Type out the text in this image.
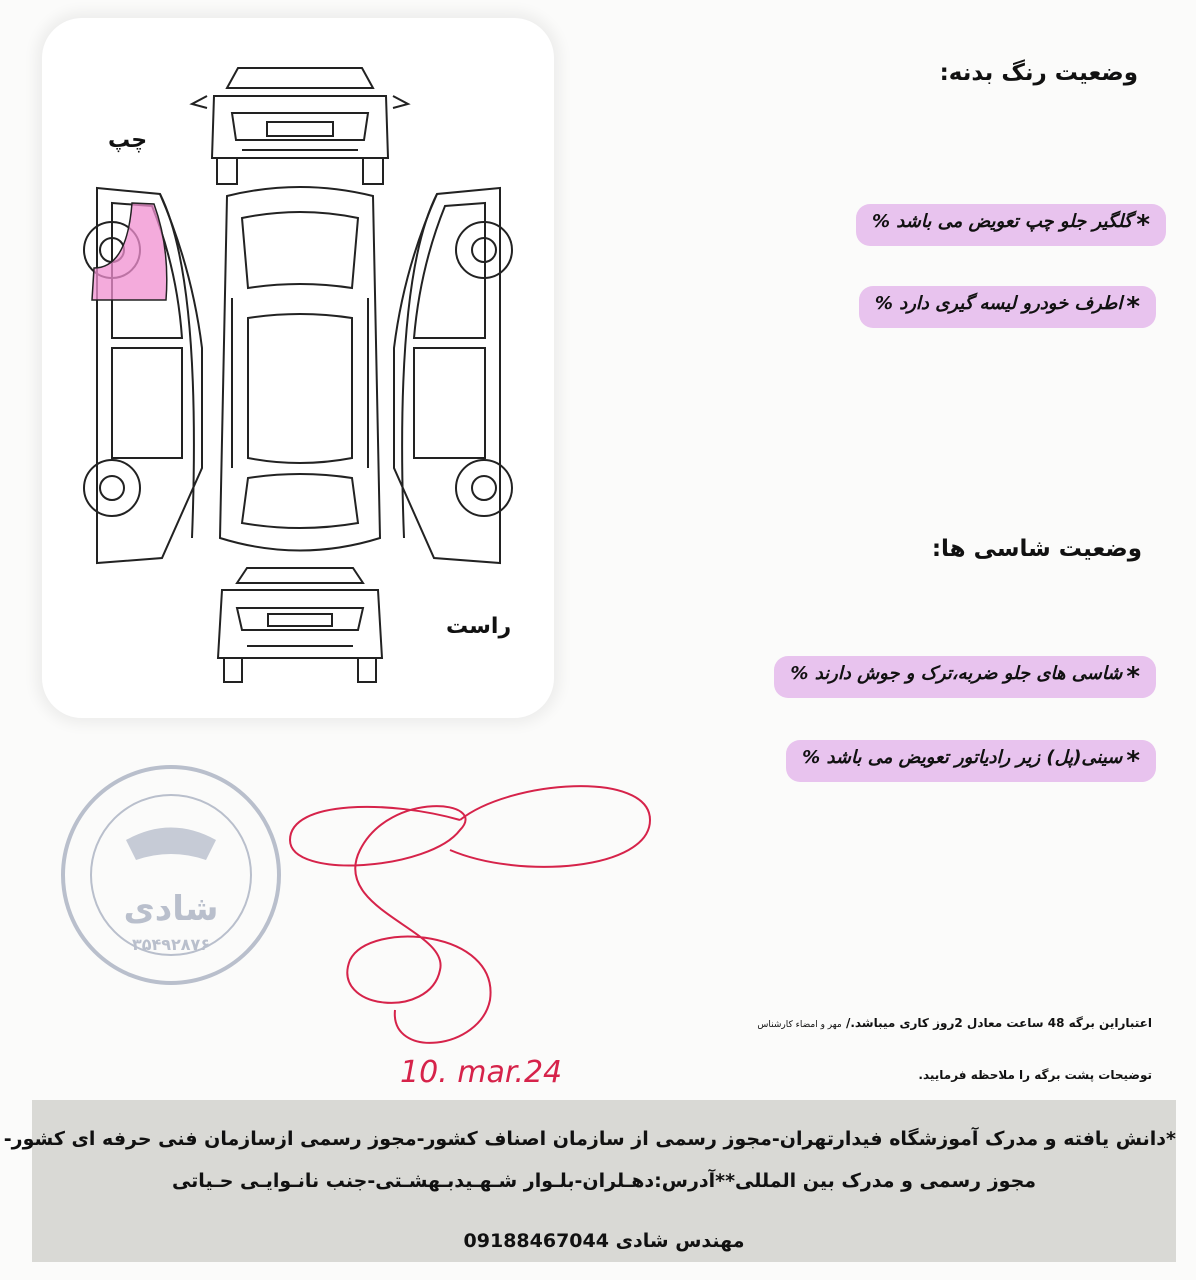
چپ
راست
وضعیت رنگ بدنه:
*گلگیر جلو چپ تعویض می باشد %
*اطرف خودرو لیسه گیری دارد %
وضعیت شاسی ها:
*شاسی های جلو ضربه،ترک و جوش دارند %
*سینی(پل) زیر رادیاتور تعویض می باشد %
شادی
۳۵۴۹۲۸۷۶
10. mar.24
اعتباراین برگه 48 ساعت معادل 2روز کاری میباشد./ مهر و امضاء کارشناس
توضیحات پشت برگه را ملاحظه فرمایید.
*دانش یافته و مدرک آموزشگاه فیدارتهران-مجوز رسمی از سازمان اصناف کشور-مجوز رسمی ازسازمان فنی حرفه ای کشور-
مجوز رسمی و مدرک بین المللی**آدرس:دهـلران-بلـوار شـهـیدبـهشـتی-جنب نانـوایـی حـیاتی
مهندس شادی 09188467044
